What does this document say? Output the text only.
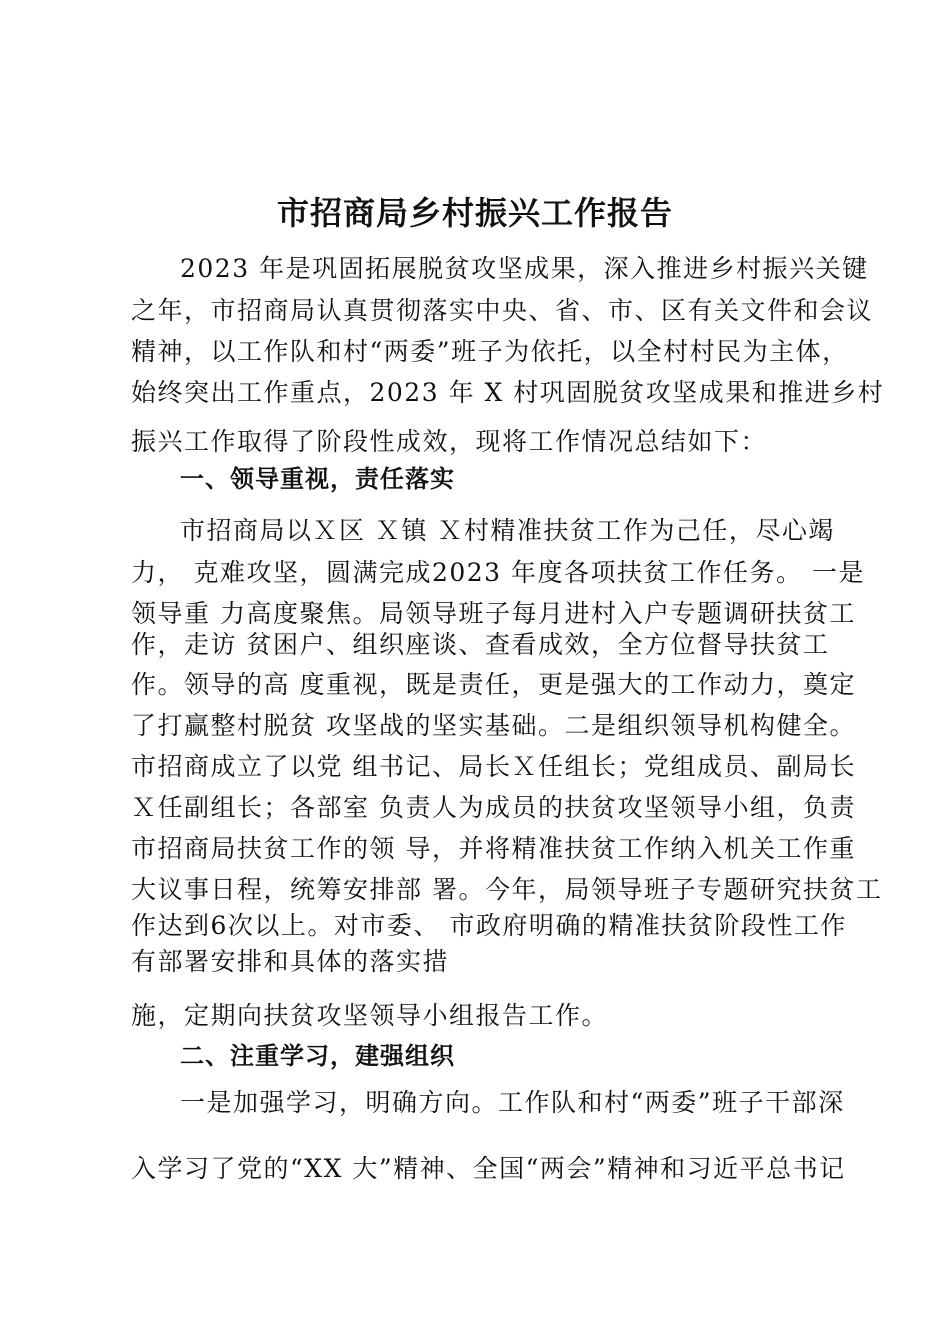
市招商局乡村振兴工作报告
2023 年是巩固拓展脱贫攻坚成果，深入推进乡村振兴关键
之年，市招商局认真贯彻落实中央、省、市、区有关文件和会议
精神，以工作队和村“两委”班子为依托，以全村村民为主体，
始终突出工作重点，2023 年 X 村巩固脱贫攻坚成果和推进乡村
振兴工作取得了阶段性成效，现将工作情况总结如下：
一、领导重视，责任落实
市招商局以Ｘ区 Ｘ镇 Ｘ村精准扶贫工作为己任，尽心竭
力， 克难攻坚，圆满完成2023 年度各项扶贫工作任务。 一是
领导重 力高度聚焦。局领导班子每月进村入户专题调研扶贫工
作，走访 贫困户、组织座谈、查看成效，全方位督导扶贫工
作。领导的高 度重视，既是责任，更是强大的工作动力，奠定
了打赢整村脱贫 攻坚战的坚实基础。二是组织领导机构健全。
市招商成立了以党 组书记、局长Ｘ任组长；党组成员、副局长
Ｘ任副组长；各部室 负责人为成员的扶贫攻坚领导小组，负责
市招商局扶贫工作的领 导，并将精准扶贫工作纳入机关工作重
大议事日程，统筹安排部 署。今年，局领导班子专题研究扶贫工
作达到6次以上。对市委、 市政府明确的精准扶贫阶段性工作
有部署安排和具体的落实措
施，定期向扶贫攻坚领导小组报告工作。
二、注重学习，建强组织
一是加强学习，明确方向。工作队和村“两委”班子干部深
入学习了党的“XX 大”精神、全国“两会”精神和习近平总书记
